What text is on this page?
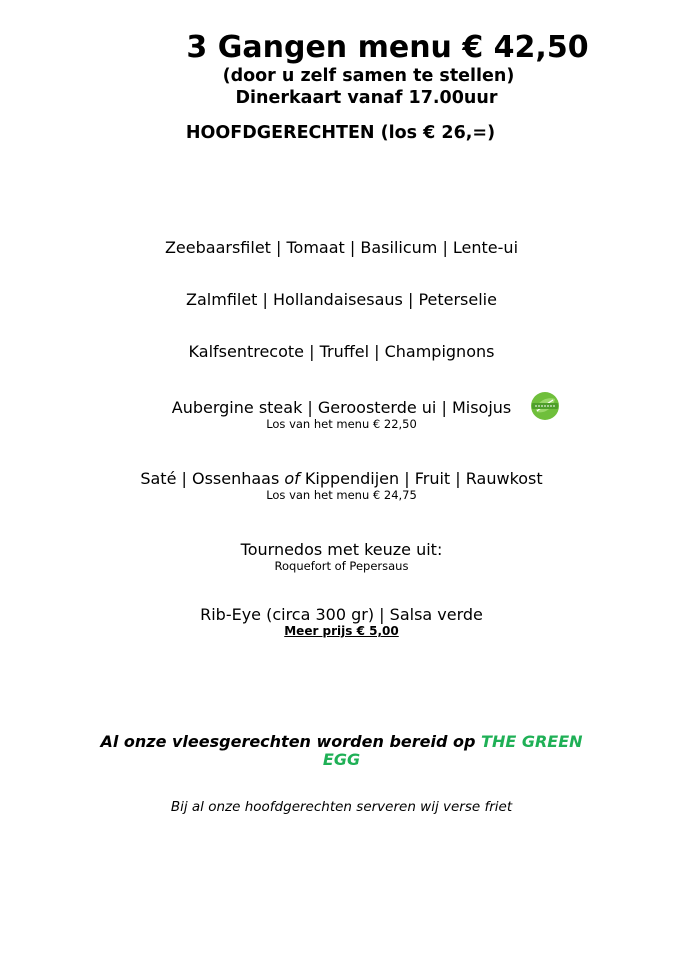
3 Gangen menu € 42,50
(door u zelf samen te stellen)
Dinerkaart vanaf 17.00uur
HOOFDGERECHTEN (los € 26,=)
Zeebaarsfilet | Tomaat | Basilicum | Lente-ui
Zalmfilet | Hollandaisesaus | Peterselie
Kalfsentrecote | Truffel | Champignons
Aubergine steak | Geroosterde ui | Misojus
Los van het menu € 22,50
Saté | Ossenhaas of Kippendijen | Fruit | Rauwkost
Los van het menu € 24,75
Tournedos met keuze uit:
Roquefort of Pepersaus
Rib-Eye (circa 300 gr) | Salsa verde
Meer prijs € 5,00
Al onze vleesgerechten worden bereid op THE GREEN
EGG
Bij al onze hoofdgerechten serveren wij verse friet
